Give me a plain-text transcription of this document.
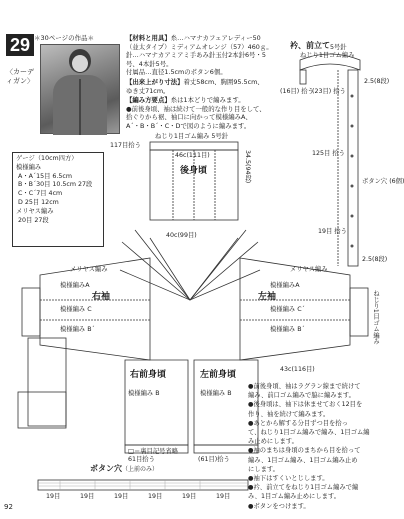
29 ＊30ページの作品＊
〈カーディガン〉

【材料と用具】糸…ハマナカフェアレディー50

（並太タイプ）ミディアムオレンジ（57）460ｇ。

針…ハマナカアミアミ手あみ針玉付2本針6号・5

号、4本針5号。

付属品…直径1.5cmのボタン6個。

【出来上がり寸法】着丈58cm、胸囲95.5cm、

ゆき丈71cm。

【編み方要点】糸は1本どりで編みます。

●前後身頃、袖は続けて一般的な作り目をして、

拾ぐりから裾、袖口に向かって模様編みA、

A´・B・B´・C・Dで図のように編みます。

ゲージ（10cm四方）

模様編み

A・A´15目 6.5cm

B・B´30目 10.5cm 27段

C・C´7目 4cm

D 25目 12cm

メリヤス編み

20目 27段

衿、前立て
ねじり1目ゴム編み
5号針
(16目) 拾う
(23目) 拾う
2.5(8段)
125目 拾う
ボタン穴 (6個)
2.5(8段)
19目 拾う
ねじり1目ゴム編み 5号針
46c(111目)
後身頃
40c(99目)
34.5(94段)
117目拾う
右袖
模様編みA
模様編み C
模様編み B´
メリヤス編み
左袖
模様編みA
模様編み C´
模様編み B´
メリヤス編み
43c(116目)
ねじり1目ゴム編み
右前身頃	左前身頃
模様編み B	模様編み B
61目拾う	(61目)拾う

●前後身頃、袖はラグラン線まで続けて

編み、前口ゴム編みで脇に編みます。

●後身頃は、袖下は休ませておく12目を

作り、袖を続けて編みます。

●あとから解する分目ずつ目を拾っ

て、ねじり1目ゴム編みで編み、1目ゴム編

み止めにします。

●袖のまちは身頃のまちから目を拾って

編み、1目ゴム編み、1目ゴム編み止め

にします。

●袖下はすくいとじします。

●衿、前立てをねじり1目ゴム編みで編

み、1目ゴム編み止めにします。

●ボタンをつけます。

□＝裏目記号省略
ボタン穴 （上前のみ）
19目	19目	19目	19目	19目	19目
92
